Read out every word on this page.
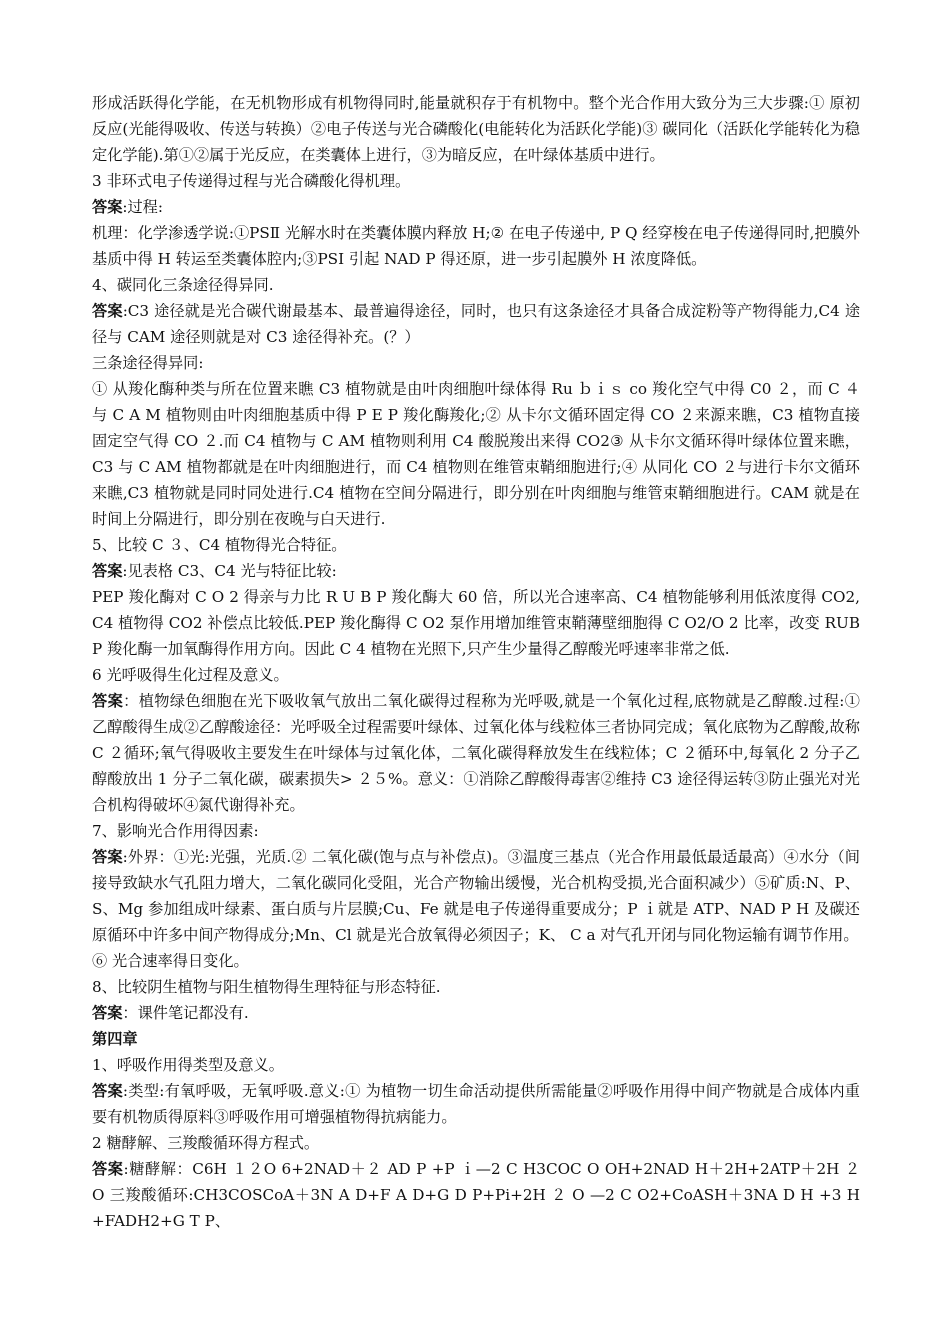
形成活跃得化学能，在无机物形成有机物得同时,能量就积存于有机物中。整个光合作用大致分为三大步骤:① 原初反应(光能得吸收、传送与转换）②电子传送与光合磷酸化(电能转化为活跃化学能)③ 碳同化（活跃化学能转化为稳定化学能).第①②属于光反应，在类囊体上进行，③为暗反应，在叶绿体基质中进行。

3 非环式电子传递得过程与光合磷酸化得机理。

答案:过程:

机理：化学渗透学说:①PSⅡ 光解水时在类囊体膜内释放 H;② 在电子传递中, P Q 经穿梭在电子传递得同时,把膜外基质中得 H 转运至类囊体腔内;③PSⅠ 引起 NAD P 得还原，进一步引起膜外 H 浓度降低。

4、碳同化三条途径得异同.

答案:C3 途径就是光合碳代谢最基本、最普遍得途径，同时，也只有这条途径才具备合成淀粉等产物得能力,C4 途径与 CAM 途径则就是对 C3 途径得补充。(？）

三条途径得异同:

① 从羧化酶种类与所在位置来瞧 C3 植物就是由叶肉细胞叶绿体得 Ru ｂｉｓ co 羧化空气中得 C0 ２，而 C ４与 C A M 植物则由叶肉细胞基质中得 P E P 羧化酶羧化;② 从卡尔文循环固定得 CO ２来源来瞧，C3 植物直接固定空气得 CO ２.而 C4 植物与 C AM 植物则利用 C4 酸脱羧出来得 CO2③ 从卡尔文循环得叶绿体位置来瞧，C3 与 C AM 植物都就是在叶肉细胞进行，而 C4 植物则在维管束鞘细胞进行;④ 从同化 CO ２与进行卡尔文循环来瞧,C3 植物就是同时同处进行.C4 植物在空间分隔进行，即分别在叶肉细胞与维管束鞘细胞进行。CAM 就是在时间上分隔进行，即分别在夜晚与白天进行.

5、比较 C ３、C4 植物得光合特征。

答案:见表格 C3、C4 光与特征比较:

PEP 羧化酶对 C O 2 得亲与力比 R U B P 羧化酶大 60 倍，所以光合速率高、C4 植物能够利用低浓度得 CO2,C4 植物得 CO2 补偿点比较低.PEP 羧化酶得 C O2 泵作用增加维管束鞘薄壁细胞得 C O2/O 2 比率，改变 RUBP 羧化酶一加氧酶得作用方向。因此 C 4 植物在光照下,只产生少量得乙醇酸光呼速率非常之低.

6 光呼吸得生化过程及意义。

答案：植物绿色细胞在光下吸收氧气放出二氧化碳得过程称为光呼吸,就是一个氧化过程,底物就是乙醇酸.过程:① 乙醇酸得生成②乙醇酸途径：光呼吸全过程需要叶绿体、过氧化体与线粒体三者协同完成；氧化底物为乙醇酸,故称 C ２循环;氧气得吸收主要发生在叶绿体与过氧化体，二氧化碳得释放发生在线粒体；C ２循环中,每氧化 2 分子乙醇酸放出 1 分子二氧化碳，碳素损失> ２５%。意义：①消除乙醇酸得毒害②维持 C3 途径得运转③防止强光对光合机构得破坏④氮代谢得补充。

7、影响光合作用得因素:

答案:外界：①光:光强，光质.② 二氧化碳(饱与点与补偿点)。③温度三基点（光合作用最低最适最高）④水分（间接导致缺水气孔阻力增大，二氧化碳同化受阻，光合产物输出缓慢，光合机构受损,光合面积减少）⑤矿质:N、P、S、Mg 参加组成叶绿素、蛋白质与片层膜;Cu、Fe 就是电子传递得重要成分；P ｉ就是 ATP、NAD P H 及碳还原循环中许多中间产物得成分;Mn、Cl 就是光合放氧得必须因子；K、 C a 对气孔开闭与同化物运输有调节作用。

⑥ 光合速率得日变化。

8、比较阴生植物与阳生植物得生理特征与形态特征.

答案：课件笔记都没有.

第四章

1、呼吸作用得类型及意义。

答案:类型:有氧呼吸，无氧呼吸.意义:① 为植物一切生命活动提供所需能量②呼吸作用得中间产物就是合成体内重要有机物质得原料③呼吸作用可增强植物得抗病能力。

2 糖酵解、三羧酸循环得方程式。

答案:糖酵解：C6H １２O 6+2NAD＋２ AD P +P ｉ—2 C H3COC O OH+2NAD H＋2H+2ATP＋2H ２ O 三羧酸循环:CH3COSCoA＋3N A D+F A D+G D P+Pi+2H ２ O —2 C O2+CoASH＋3NA D H +3 H +FADH2+G T P、
